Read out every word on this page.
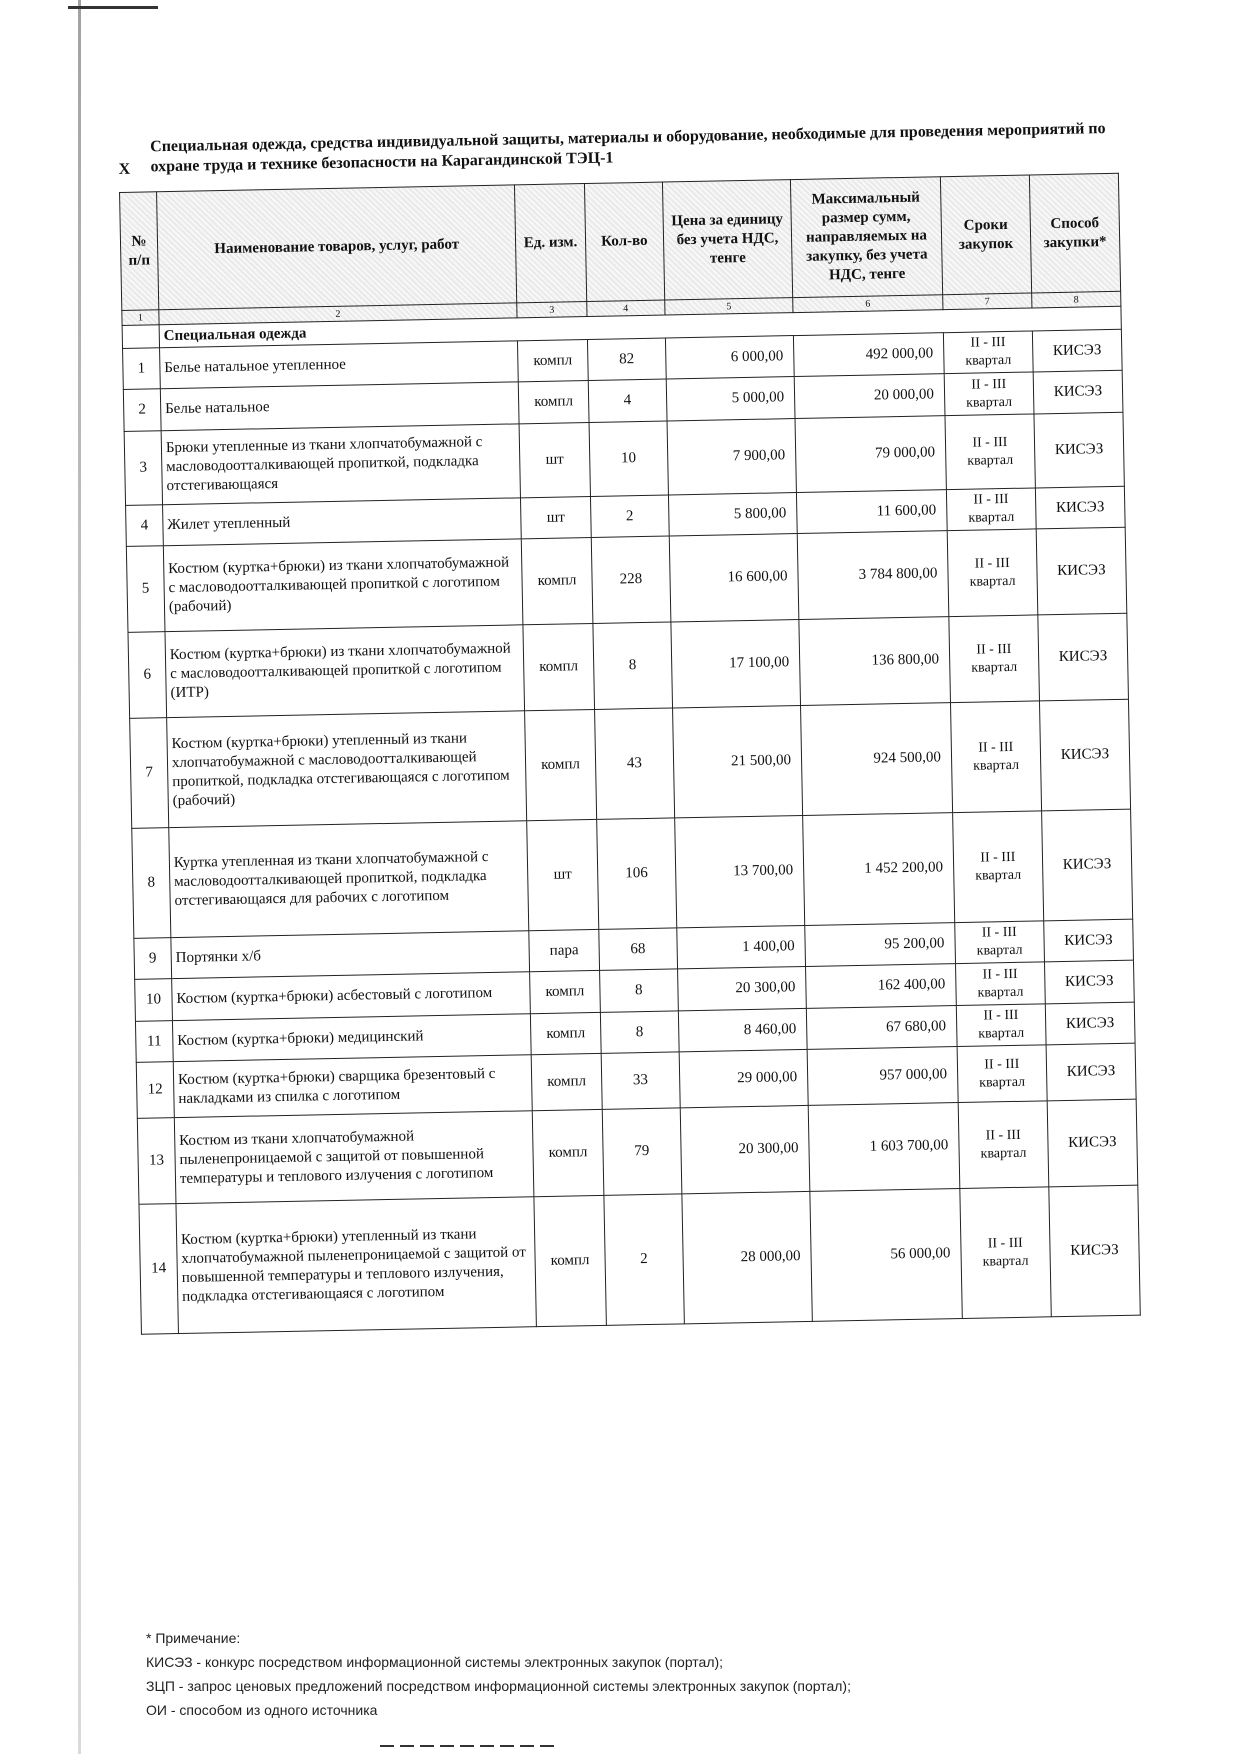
X
Специальная одежда, средства индивидуальной защиты, материалы и оборудование, необходимые для проведения мероприятий по охране труда и технике безопасности на Карагандинской ТЭЦ-1
№ п/п	Наименование товаров, услуг, работ	Ед. изм.	Кол-во	Цена за единицу без учета НДС, тенге	Максимальный размер сумм, направляемых на закупку, без учета НДС, тенге	Сроки закупок	Способ закупки*
1	2	3	4	5	6	7	8
	Специальная одежда						
1	Белье натальное утепленное	компл	82	6 000,00	492 000,00	II - III квартал	КИСЭЗ
2	Белье натальное	компл	4	5 000,00	20 000,00	II - III квартал	КИСЭЗ
3	Брюки утепленные из ткани хлопчатобумажной с масловодоотталкивающей пропиткой, подкладка отстегивающаяся	шт	10	7 900,00	79 000,00	II - III квартал	КИСЭЗ
4	Жилет утепленный	шт	2	5 800,00	11 600,00	II - III квартал	КИСЭЗ
5	Костюм (куртка+брюки) из ткани хлопчатобумажной с масловодоотталкивающей пропиткой с логотипом (рабочий)	компл	228	16 600,00	3 784 800,00	II - III квартал	КИСЭЗ
6	Костюм (куртка+брюки) из ткани хлопчатобумажной с масловодоотталкивающей пропиткой с логотипом (ИТР)	компл	8	17 100,00	136 800,00	II - III квартал	КИСЭЗ
7	Костюм (куртка+брюки) утепленный из ткани хлопчатобумажной с масловодоотталкивающей пропиткой, подкладка отстегивающаяся с логотипом (рабочий)	компл	43	21 500,00	924 500,00	II - III квартал	КИСЭЗ
8	Куртка утепленная из ткани хлопчатобумажной с масловодоотталкивающей пропиткой, подкладка отстегивающаяся для рабочих с логотипом	шт	106	13 700,00	1 452 200,00	II - III квартал	КИСЭЗ
9	Портянки х/б	пара	68	1 400,00	95 200,00	II - III квартал	КИСЭЗ
10	Костюм (куртка+брюки) асбестовый с логотипом	компл	8	20 300,00	162 400,00	II - III квартал	КИСЭЗ
11	Костюм (куртка+брюки) медицинский	компл	8	8 460,00	67 680,00	II - III квартал	КИСЭЗ
12	Костюм (куртка+брюки) сварщика брезентовый с накладками из спилка с логотипом	компл	33	29 000,00	957 000,00	II - III квартал	КИСЭЗ
13	Костюм из ткани хлопчатобумажной пыленепроницаемой с защитой от повышенной температуры и теплового излучения с логотипом	компл	79	20 300,00	1 603 700,00	II - III квартал	КИСЭЗ
14	Костюм (куртка+брюки) утепленный из ткани хлопчатобумажной пыленепроницаемой с защитой от повышенной температуры и теплового излучения, подкладка отстегивающаяся с логотипом	компл	2	28 000,00	56 000,00	II - III квартал	КИСЭЗ
* Примечание:
КИСЭЗ - конкурс посредством информационной системы электронных закупок (портал);
ЗЦП - запрос ценовых предложений посредством информационной системы электронных закупок (портал);
ОИ - способом из одного источника
